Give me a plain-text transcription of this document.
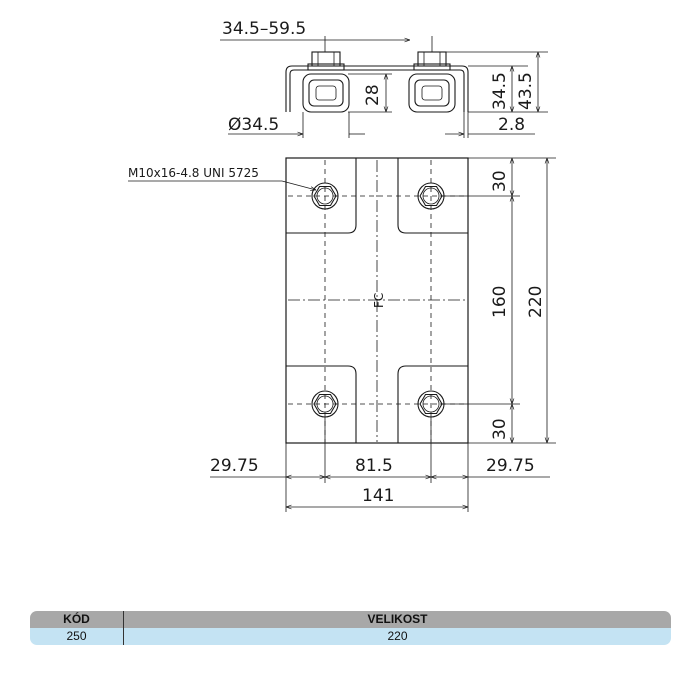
34.5–59.5
28	34.5 43.5
Ø34.5	2.8
FC
M10x16-4.8 UNI 5725	30
160
30
220
29.75	81.5	29.75
141
KÓD	VELIKOST
250	220
